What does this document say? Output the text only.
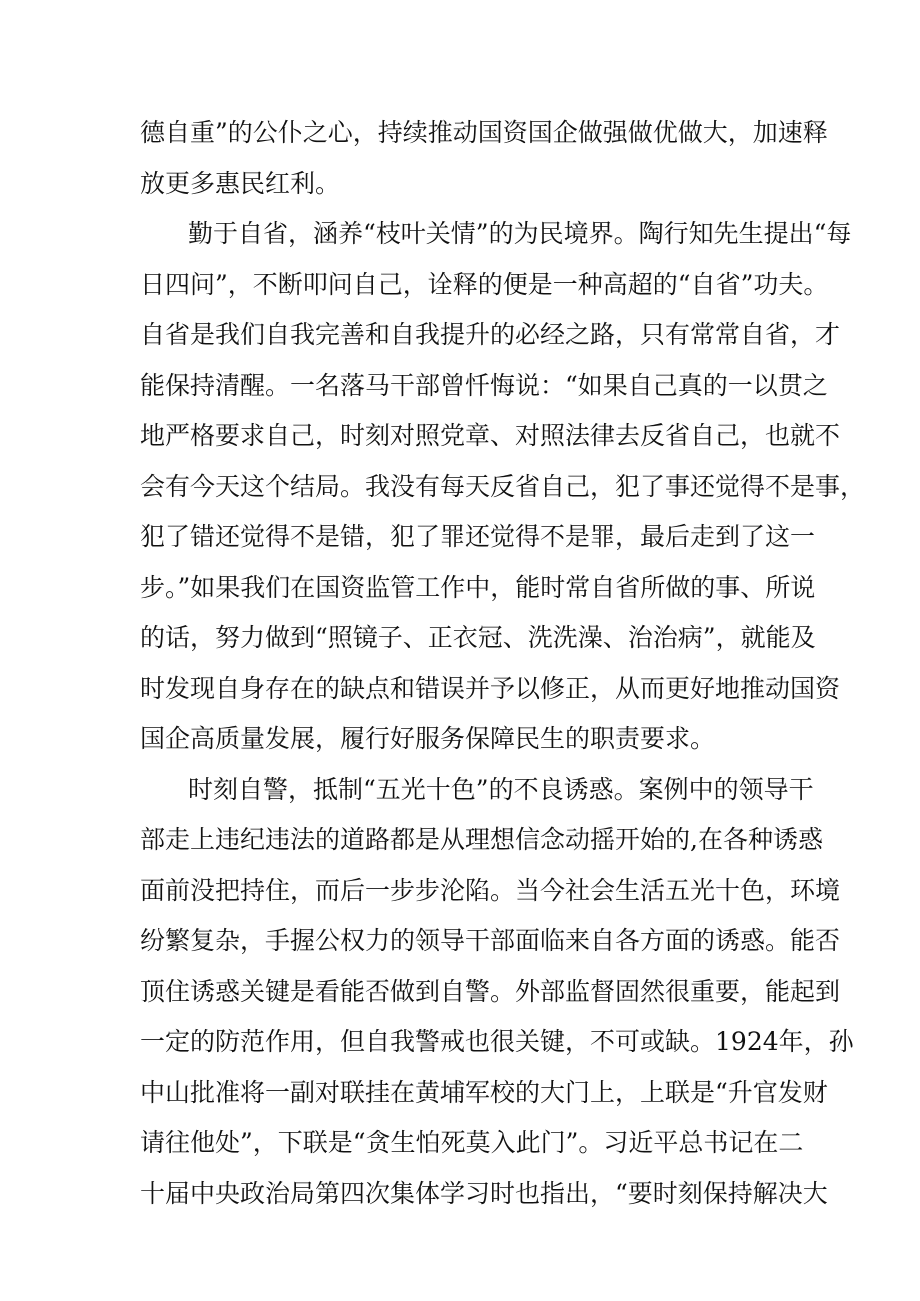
德自重”的公仆之心，持续推动国资国企做强做优做大，加速释
放更多惠民红利。
勤于自省，涵养“枝叶关情”的为民境界。陶行知先生提出“每
日四问”，不断叩问自己，诠释的便是一种高超的“自省”功夫。
自省是我们自我完善和自我提升的必经之路，只有常常自省，才
能保持清醒。一名落马干部曾忏悔说：“如果自己真的一以贯之
地严格要求自己，时刻对照党章、对照法律去反省自己，也就不
会有今天这个结局。我没有每天反省自己，犯了事还觉得不是事，
犯了错还觉得不是错，犯了罪还觉得不是罪，最后走到了这一
步。”如果我们在国资监管工作中，能时常自省所做的事、所说
的话，努力做到“照镜子、正衣冠、洗洗澡、治治病”，就能及
时发现自身存在的缺点和错误并予以修正，从而更好地推动国资
国企高质量发展，履行好服务保障民生的职责要求。
时刻自警，抵制“五光十色”的不良诱惑。案例中的领导干
部走上违纪违法的道路都是从理想信念动摇开始的,在各种诱惑
面前没把持住，而后一步步沦陷。当今社会生活五光十色，环境
纷繁复杂，手握公权力的领导干部面临来自各方面的诱惑。能否
顶住诱惑关键是看能否做到自警。外部监督固然很重要，能起到
一定的防范作用，但自我警戒也很关键，不可或缺。1924年，孙
中山批准将一副对联挂在黄埔军校的大门上，上联是“升官发财
请往他处”，下联是“贪生怕死莫入此门”。习近平总书记在二
十届中央政治局第四次集体学习时也指出，“要时刻保持解决大
